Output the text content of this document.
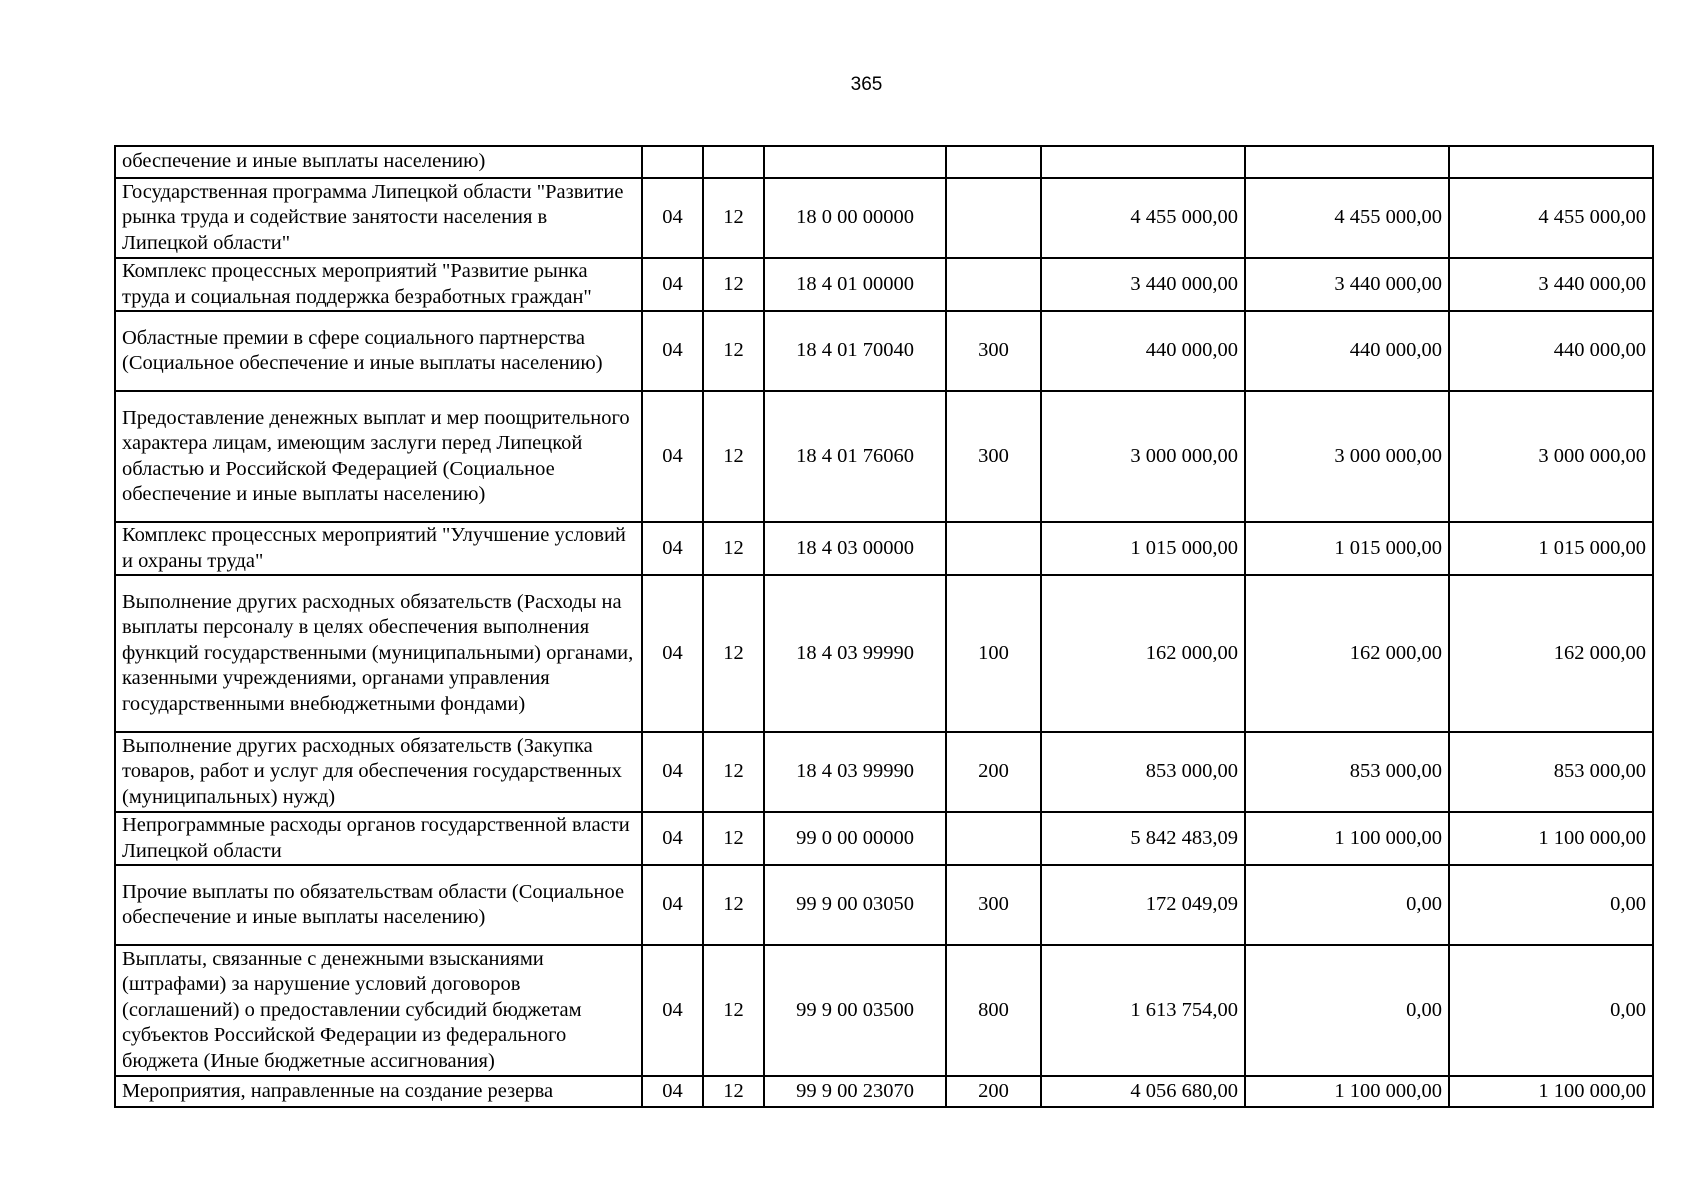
365
обеспечение и иные выплаты населению)							
Государственная программа Липецкой области "Развитие рынка труда и содействие занятости населения в Липецкой области"	04	12	18 0 00 00000		4 455 000,00	4 455 000,00	4 455 000,00
Комплекс процессных мероприятий "Развитие рынка труда и социальная поддержка безработных граждан"	04	12	18 4 01 00000		3 440 000,00	3 440 000,00	3 440 000,00
Областные премии в сфере социального партнерства (Социальное обеспечение и иные выплаты населению)	04	12	18 4 01 70040	300	440 000,00	440 000,00	440 000,00
Предоставление денежных выплат и мер поощрительного характера лицам, имеющим заслуги перед Липецкой областью и Российской Федерацией (Социальное обеспечение и иные выплаты населению)	04	12	18 4 01 76060	300	3 000 000,00	3 000 000,00	3 000 000,00
Комплекс процессных мероприятий "Улучшение условий и охраны труда"	04	12	18 4 03 00000		1 015 000,00	1 015 000,00	1 015 000,00
Выполнение других расходных обязательств (Расходы на выплаты персоналу в целях обеспечения выполнения функций государственными (муниципальными) органами, казенными учреждениями, органами управления государственными внебюджетными фондами)	04	12	18 4 03 99990	100	162 000,00	162 000,00	162 000,00
Выполнение других расходных обязательств (Закупка товаров, работ и услуг для обеспечения государственных (муниципальных) нужд)	04	12	18 4 03 99990	200	853 000,00	853 000,00	853 000,00
Непрограммные расходы органов государственной власти Липецкой области	04	12	99 0 00 00000		5 842 483,09	1 100 000,00	1 100 000,00
Прочие выплаты по обязательствам области (Социальное обеспечение и иные выплаты населению)	04	12	99 9 00 03050	300	172 049,09	0,00	0,00
Выплаты, связанные с денежными взысканиями (штрафами) за нарушение условий договоров (соглашений) о предоставлении субсидий бюджетам субъектов Российской Федерации из федерального бюджета (Иные бюджетные ассигнования)	04	12	99 9 00 03500	800	1 613 754,00	0,00	0,00
Мероприятия, направленные на создание резерва	04	12	99 9 00 23070	200	4 056 680,00	1 100 000,00	1 100 000,00
